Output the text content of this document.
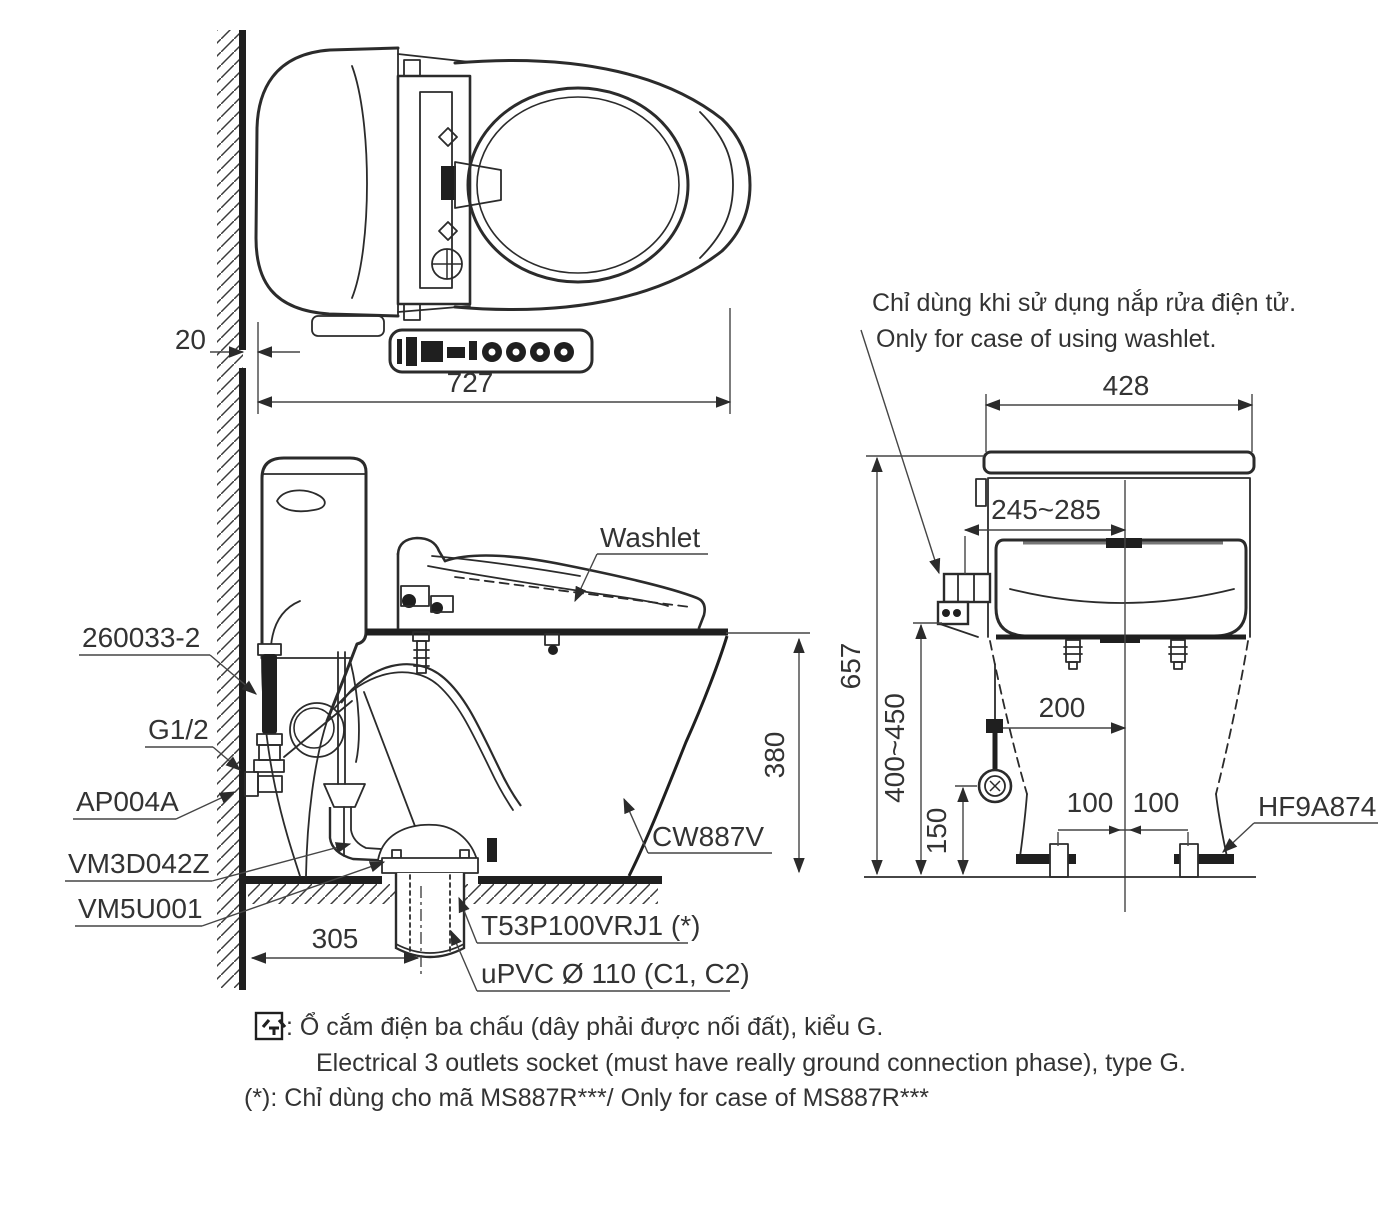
20
727
305
380
Washlet
260033-2
G1/2
AP004A
VM3D042Z
VM5U001
CW887V
T53P100VRJ1 (*)
uPVC Ø 110 (C1, C2)
Chỉ dùng khi sử dụng nắp rửa điện tử.
Only for case of using washlet.
428
245~285
657
400~450
150
200
100 100	HF9A874
: Ổ cắm điện ba chấu (dây phải được nối đất), kiểu G.
Electrical 3 outlets socket (must have really ground connection phase), type G.
(*): Chỉ dùng cho mã MS887R***/ Only for case of MS887R***
